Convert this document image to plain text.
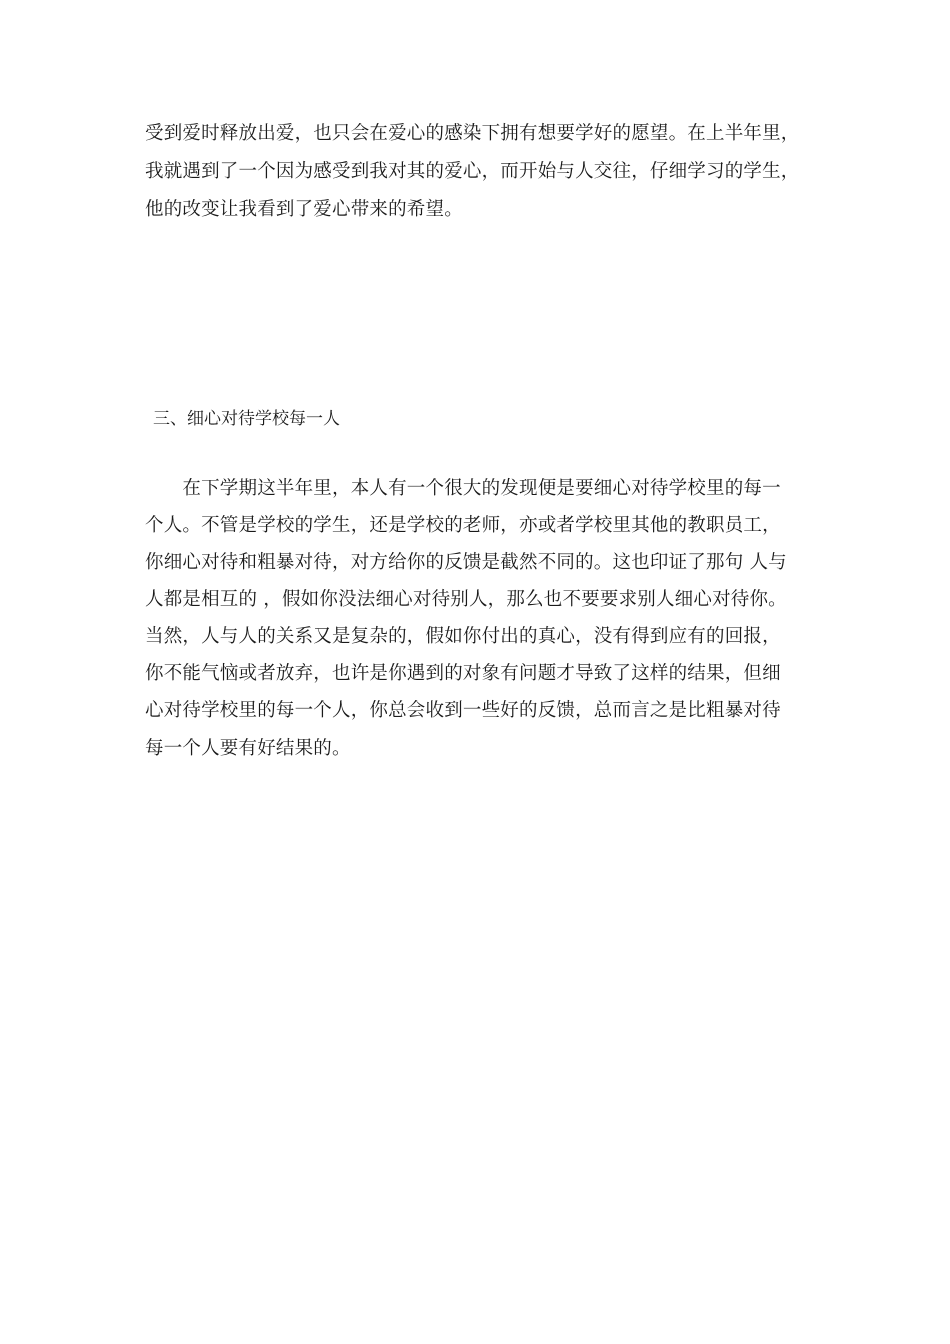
受到爱时释放出爱，也只会在爱心的感染下拥有想要学好的愿望。在上半年里，
我就遇到了一个因为感受到我对其的爱心，而开始与人交往，仔细学习的学生，
他的改变让我看到了爱心带来的希望。
三、细心对待学校每一人
　　在下学期这半年里，本人有一个很大的发现便是要细心对待学校里的每一
个人。不管是学校的学生，还是学校的老师，亦或者学校里其他的教职员工，
你细心对待和粗暴对待，对方给你的反馈是截然不同的。这也印证了那句 人与
人都是相互的 ，假如你没法细心对待别人，那么也不要要求别人细心对待你。
当然，人与人的关系又是复杂的，假如你付出的真心，没有得到应有的回报，
你不能气恼或者放弃，也许是你遇到的对象有问题才导致了这样的结果，但细
心对待学校里的每一个人，你总会收到一些好的反馈，总而言之是比粗暴对待
每一个人要有好结果的。
